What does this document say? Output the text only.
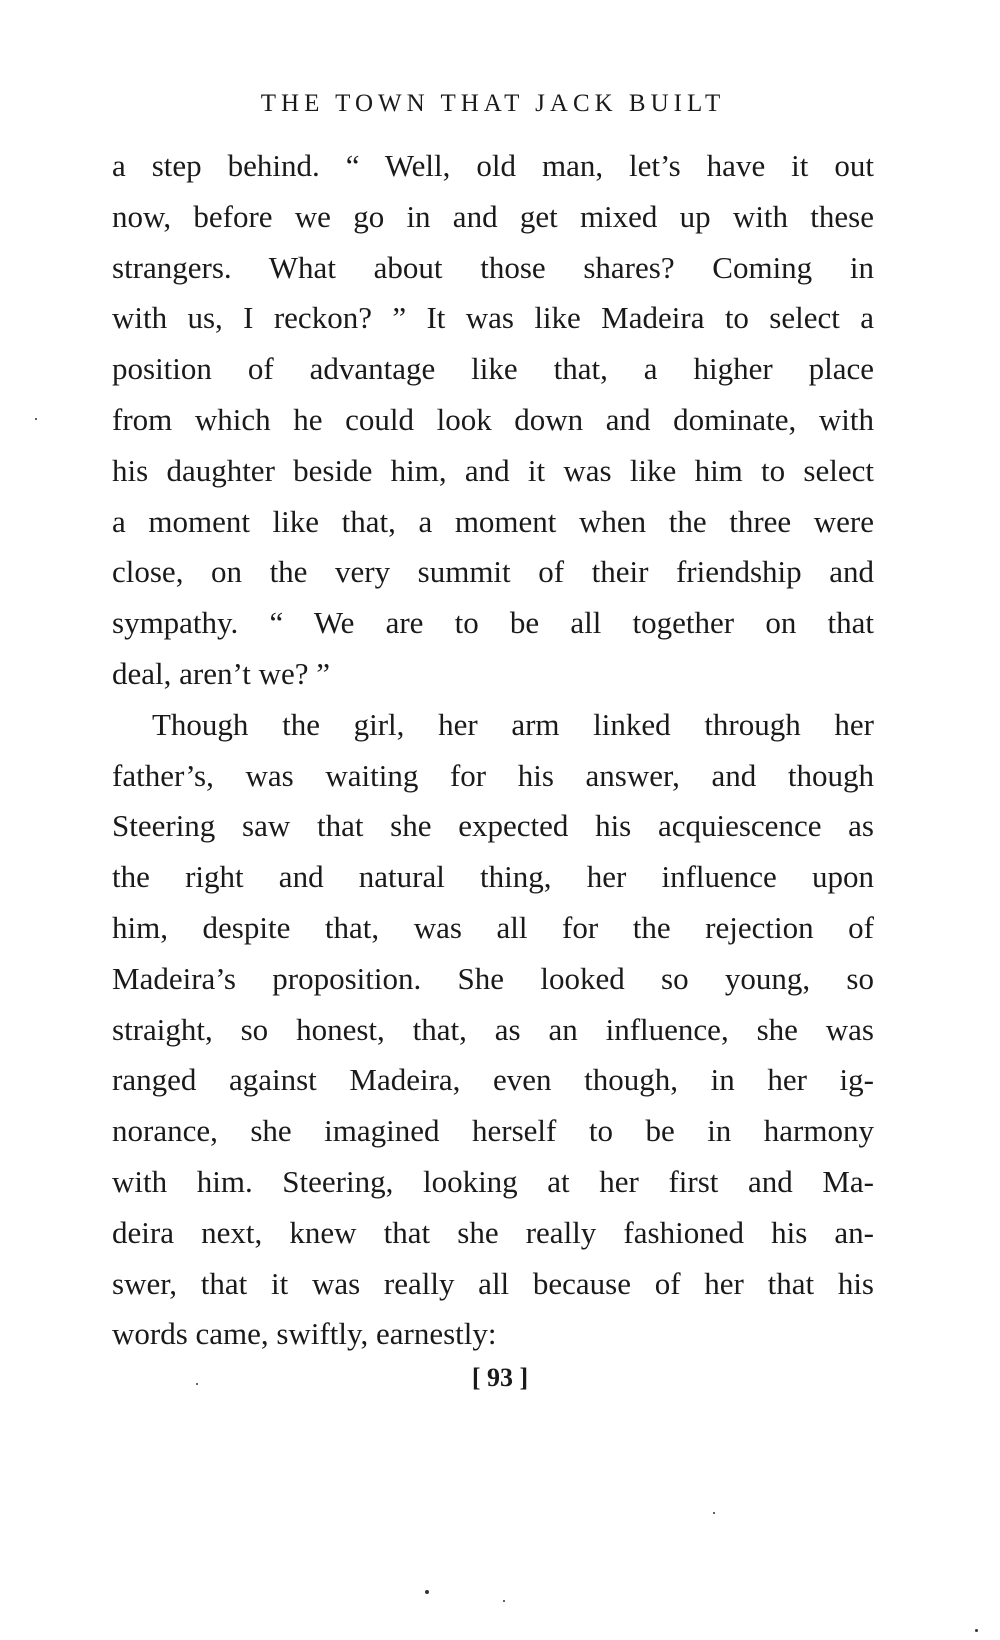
THE TOWN THAT JACK BUILT
a step behind. “ Well, old man, let’s have it out
now, before we go in and get mixed up with these
strangers. What about those shares? Coming in
with us, I reckon? ” It was like Madeira to select a
position of advantage like that, a higher place
from which he could look down and dominate, with
his daughter beside him, and it was like him to select
a moment like that, a moment when the three were
close, on the very summit of their friendship and
sympathy. “ We are to be all together on that
deal, aren’t we? ”
Though the girl, her arm linked through her
father’s, was waiting for his answer, and though
Steering saw that she expected his acquiescence as
the right and natural thing, her influence upon
him, despite that, was all for the rejection of
Madeira’s proposition. She looked so young, so
straight, so honest, that, as an influence, she was
ranged against Madeira, even though, in her ig-
norance, she imagined herself to be in harmony
with him. Steering, looking at her first and Ma-
deira next, knew that she really fashioned his an-
swer, that it was really all because of her that his
words came, swiftly, earnestly:
[ 93 ]
